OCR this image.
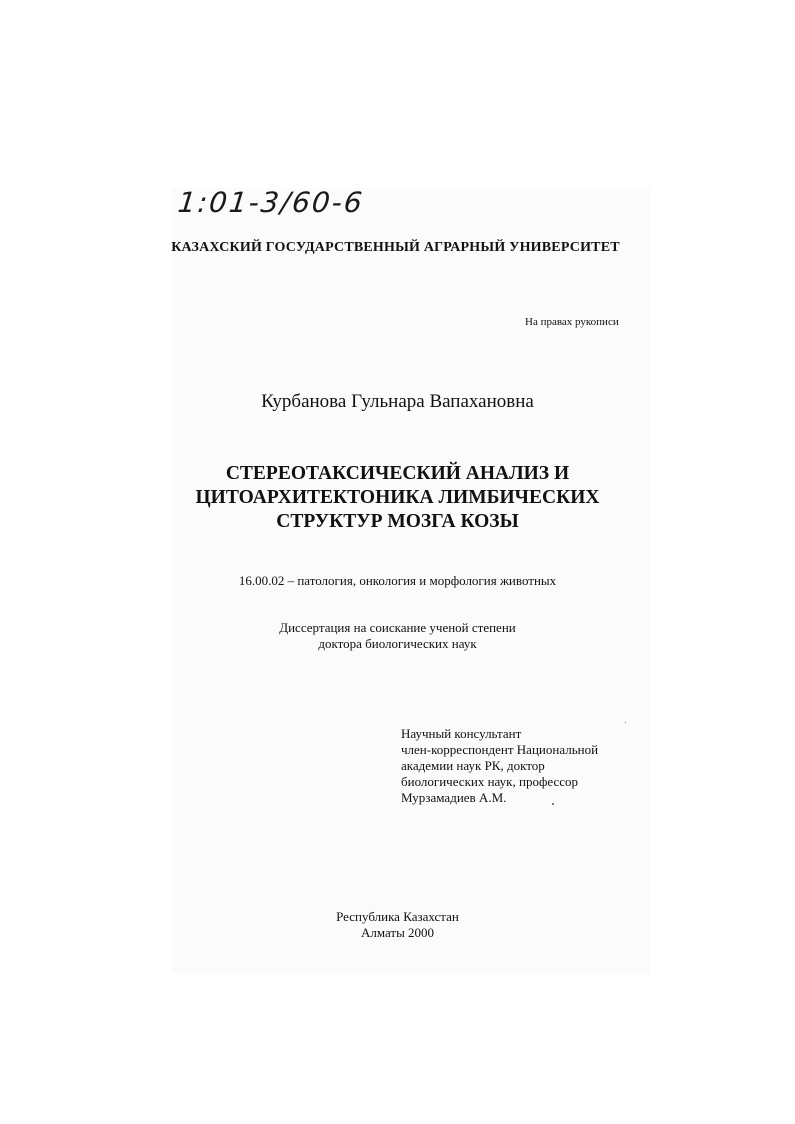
1:01-3/60-6
КАЗАХСКИЙ ГОСУДАРСТВЕННЫЙ АГРАРНЫЙ УНИВЕРСИТЕТ
На правах рукописи
Курбанова Гульнара Вапахановна
СТЕРЕОТАКСИЧЕСКИЙ АНАЛИЗ И
ЦИТОАРХИТЕКТОНИКА ЛИМБИЧЕСКИХ
СТРУКТУР МОЗГА КОЗЫ
16.00.02 – патология, онкология и морфология животных
Диссертация на соискание ученой степени
доктора биологических наук
Научный консультант
член-корреспондент Национальной
академии наук РК, доктор
биологических наук, профессор
Мурзамадиев А.М.
Республика Казахстан
Алматы 2000
